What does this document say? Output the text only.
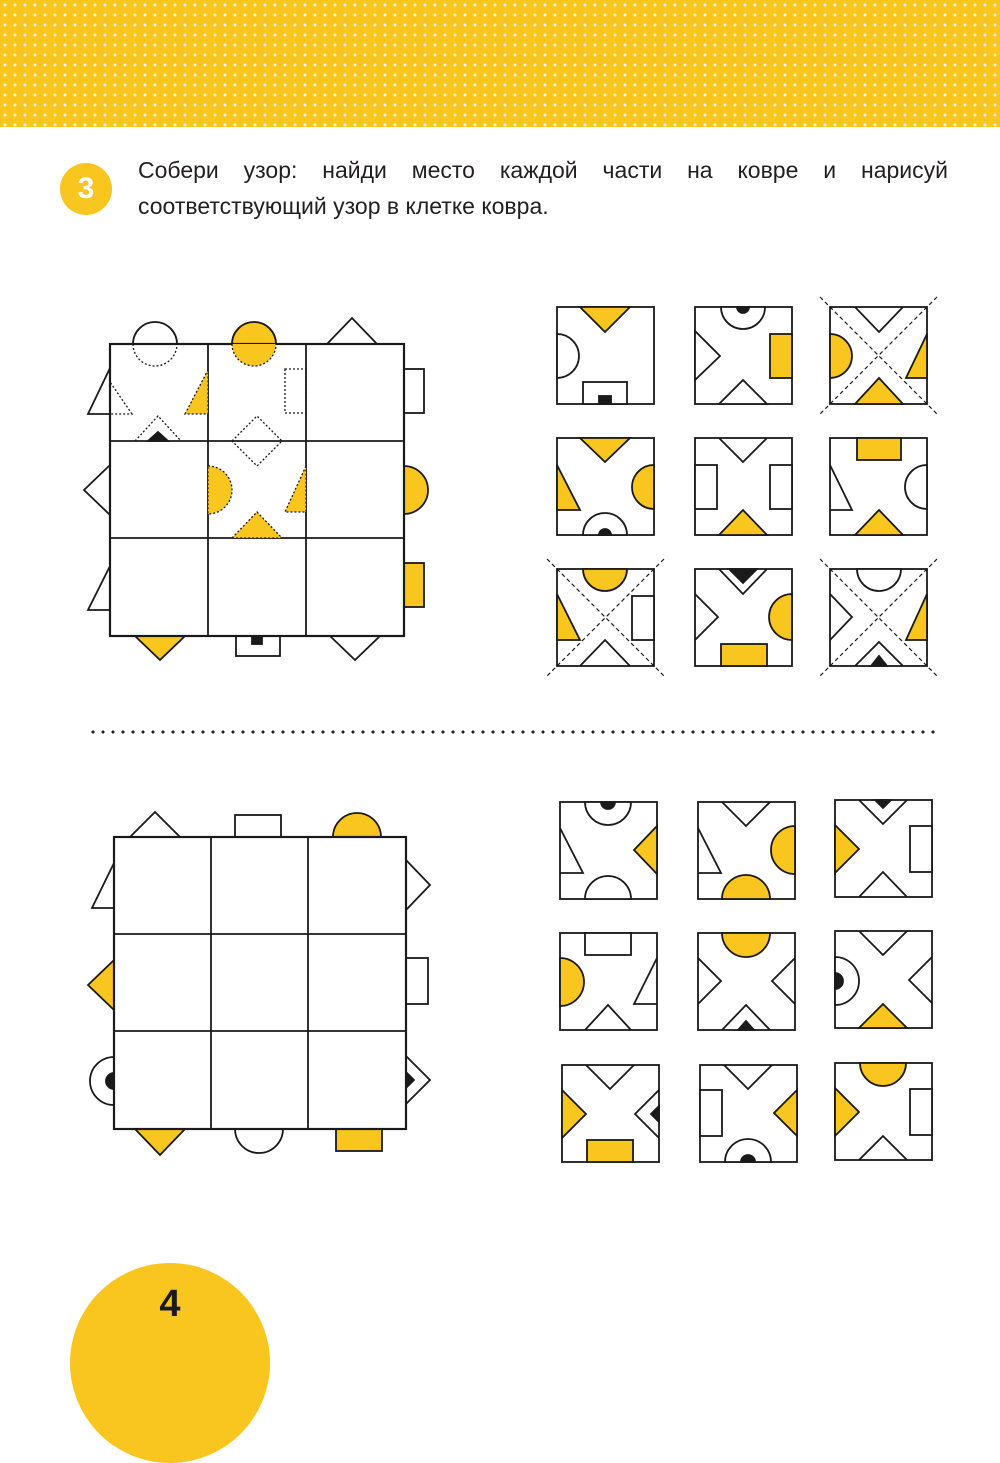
3
Собери узор: найди место каждой части на ковре и нарисуй
соответствующий узор в клетке ковра.
4
